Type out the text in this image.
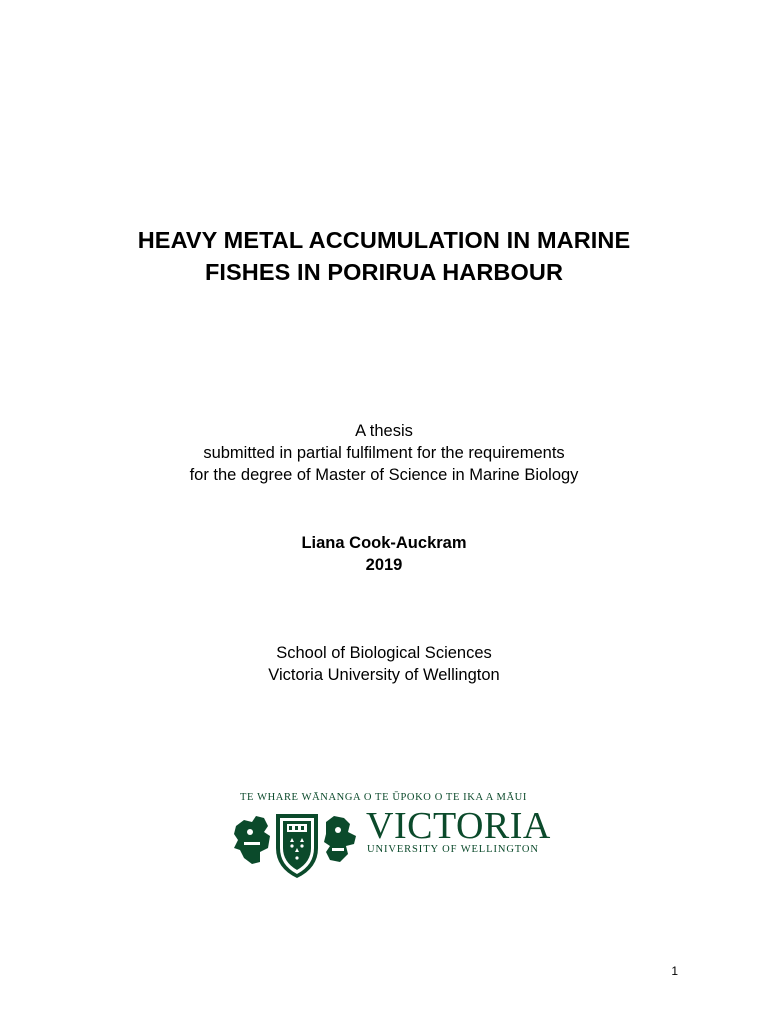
HEAVY METAL ACCUMULATION IN MARINE
FISHES IN PORIRUA HARBOUR
A thesis
submitted in partial fulfilment for the requirements
for the degree of Master of Science in Marine Biology
Liana Cook-Auckram
2019
School of Biological Sciences
Victoria University of Wellington
TE WHARE WĀNANGA O TE ŪPOKO O TE IKA A MĀUI
VICTORIA
UNIVERSITY OF WELLINGTON
1
